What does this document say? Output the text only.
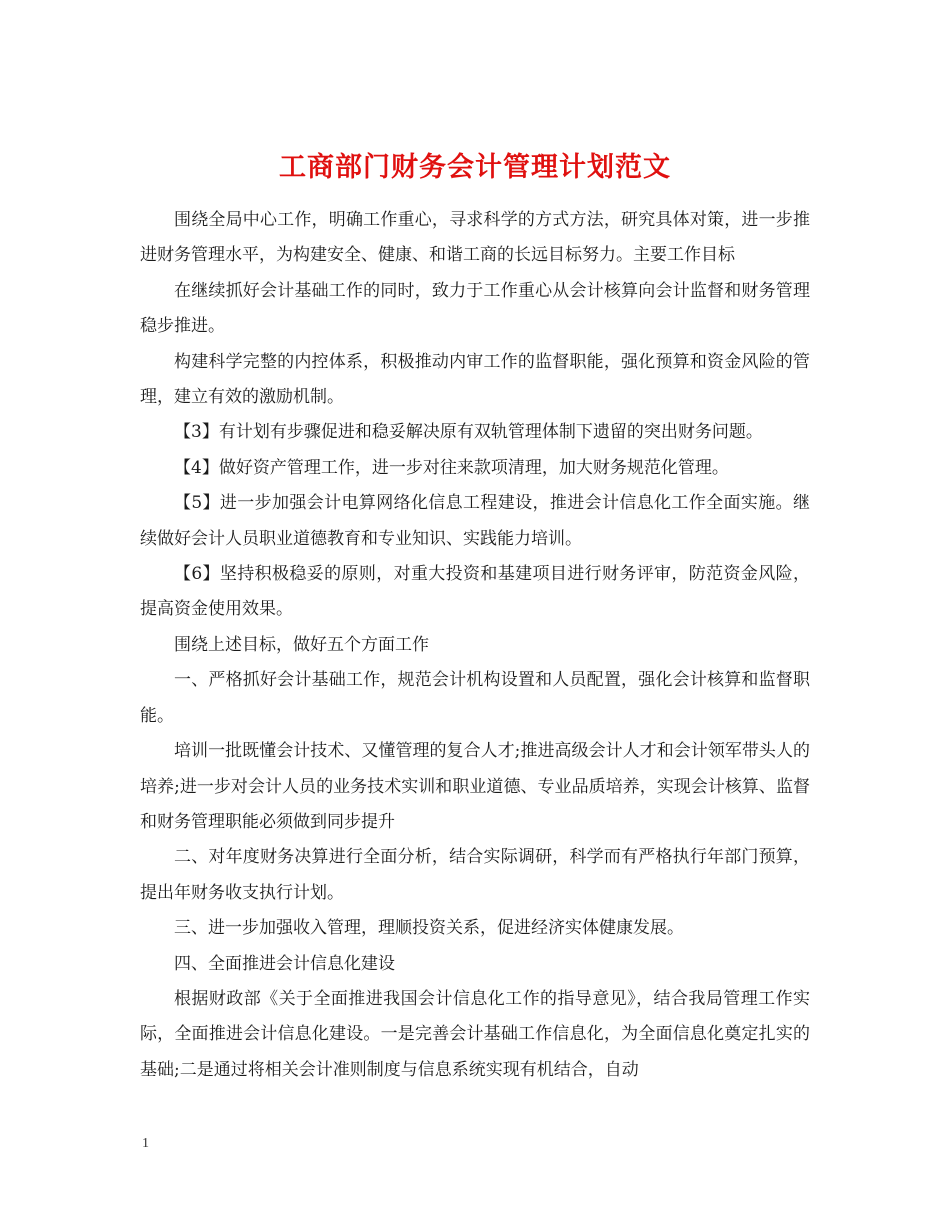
工商部门财务会计管理计划范文

围绕全局中心工作，明确工作重心，寻求科学的方式方法，研究具体对策，进一步推进财务管理水平，为构建安全、健康、和谐工商的长远目标努力。主要工作目标

在继续抓好会计基础工作的同时，致力于工作重心从会计核算向会计监督和财务管理稳步推进。

构建科学完整的内控体系，积极推动内审工作的监督职能，强化预算和资金风险的管理，建立有效的激励机制。

【3】有计划有步骤促进和稳妥解决原有双轨管理体制下遗留的突出财务问题。

【4】做好资产管理工作，进一步对往来款项清理，加大财务规范化管理。

【5】进一步加强会计电算网络化信息工程建设，推进会计信息化工作全面实施。继续做好会计人员职业道德教育和专业知识、实践能力培训。

【6】坚持积极稳妥的原则，对重大投资和基建项目进行财务评审，防范资金风险，提高资金使用效果。

围绕上述目标，做好五个方面工作

一、严格抓好会计基础工作，规范会计机构设置和人员配置，强化会计核算和监督职能。

培训一批既懂会计技术、又懂管理的复合人才;推进高级会计人才和会计领军带头人的培养;进一步对会计人员的业务技术实训和职业道德、专业品质培养，实现会计核算、监督和财务管理职能必须做到同步提升

二、对年度财务决算进行全面分析，结合实际调研，科学而有严格执行年部门预算，提出年财务收支执行计划。

三、进一步加强收入管理，理顺投资关系，促进经济实体健康发展。

四、全面推进会计信息化建设

根据财政部《关于全面推进我国会计信息化工作的指导意见》，结合我局管理工作实际，全面推进会计信息化建设。一是完善会计基础工作信息化，为全面信息化奠定扎实的基础;二是通过将相关会计准则制度与信息系统实现有机结合，自动

1
